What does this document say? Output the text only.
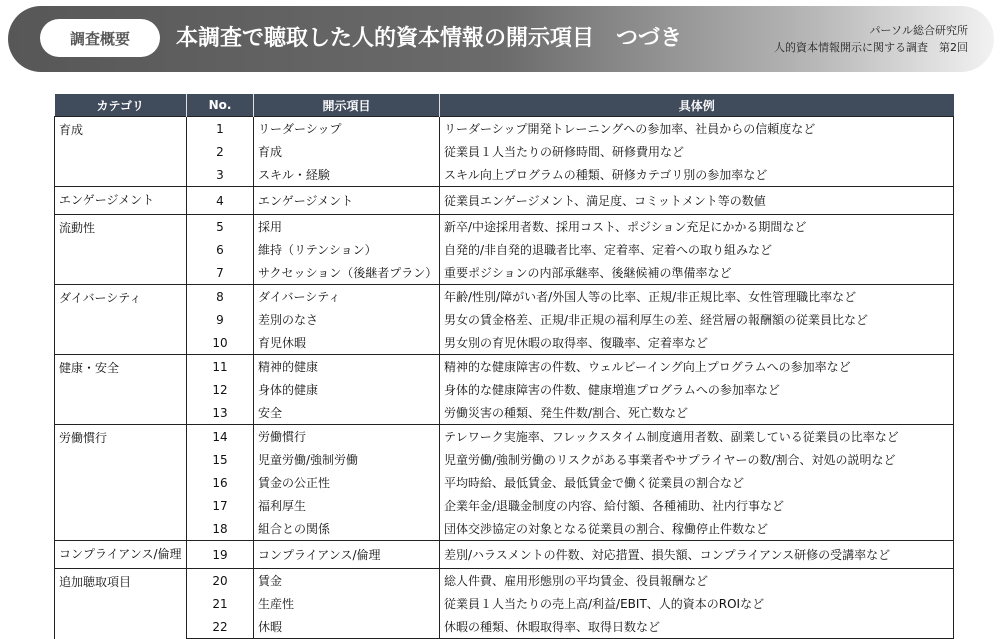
調査概要	本調査で聴取した人的資本情報の開示項目　つづき	パーソル総合研究所
人的資本情報開示に関する調査　第2回
カテゴリ	No.	開示項目	具体例
育成	1	リーダーシップ	リーダーシップ開発トレーニングへの参加率、社員からの信頼度など
	2	育成	従業員１人当たりの研修時間、研修費用など
	3	スキル・経験	スキル向上プログラムの種類、研修カテゴリ別の参加率など
エンゲージメント	4	エンゲージメント	従業員エンゲージメント、満足度、コミットメント等の数値
流動性	5	採用	新卒/中途採用者数、採用コスト、ポジション充足にかかる期間など
	6	維持（リテンション）	自発的/非自発的退職者比率、定着率、定着への取り組みなど
	7	サクセッション（後継者プラン）	重要ポジションの内部承継率、後継候補の準備率など
ダイバーシティ	8	ダイバーシティ	年齢/性別/障がい者/外国人等の比率、正規/非正規比率、女性管理職比率など
	9	差別のなさ	男女の賃金格差、正規/非正規の福利厚生の差、経営層の報酬額の従業員比など
	10	育児休暇	男女別の育児休暇の取得率、復職率、定着率など
健康・安全	11	精神的健康	精神的な健康障害の件数、ウェルビーイング向上プログラムへの参加率など
	12	身体的健康	身体的な健康障害の件数、健康増進プログラムへの参加率など
	13	安全	労働災害の種類、発生件数/割合、死亡数など
労働慣行	14	労働慣行	テレワーク実施率、フレックスタイム制度適用者数、副業している従業員の比率など
	15	児童労働/強制労働	児童労働/強制労働のリスクがある事業者やサプライヤーの数/割合、対処の説明など
	16	賃金の公正性	平均時給、最低賃金、最低賃金で働く従業員の割合など
	17	福利厚生	企業年金/退職金制度の内容、給付額、各種補助、社内行事など
	18	組合との関係	団体交渉協定の対象となる従業員の割合、稼働停止件数など
コンプライアンス/倫理	19	コンプライアンス/倫理	差別/ハラスメントの件数、対応措置、損失額、コンプライアンス研修の受講率など
追加聴取項目	20	賃金	総人件費、雇用形態別の平均賃金、役員報酬など
	21	生産性	従業員１人当たりの売上高/利益/EBIT、人的資本のROIなど
	22	休暇	休暇の種類、休暇取得率、取得日数など
